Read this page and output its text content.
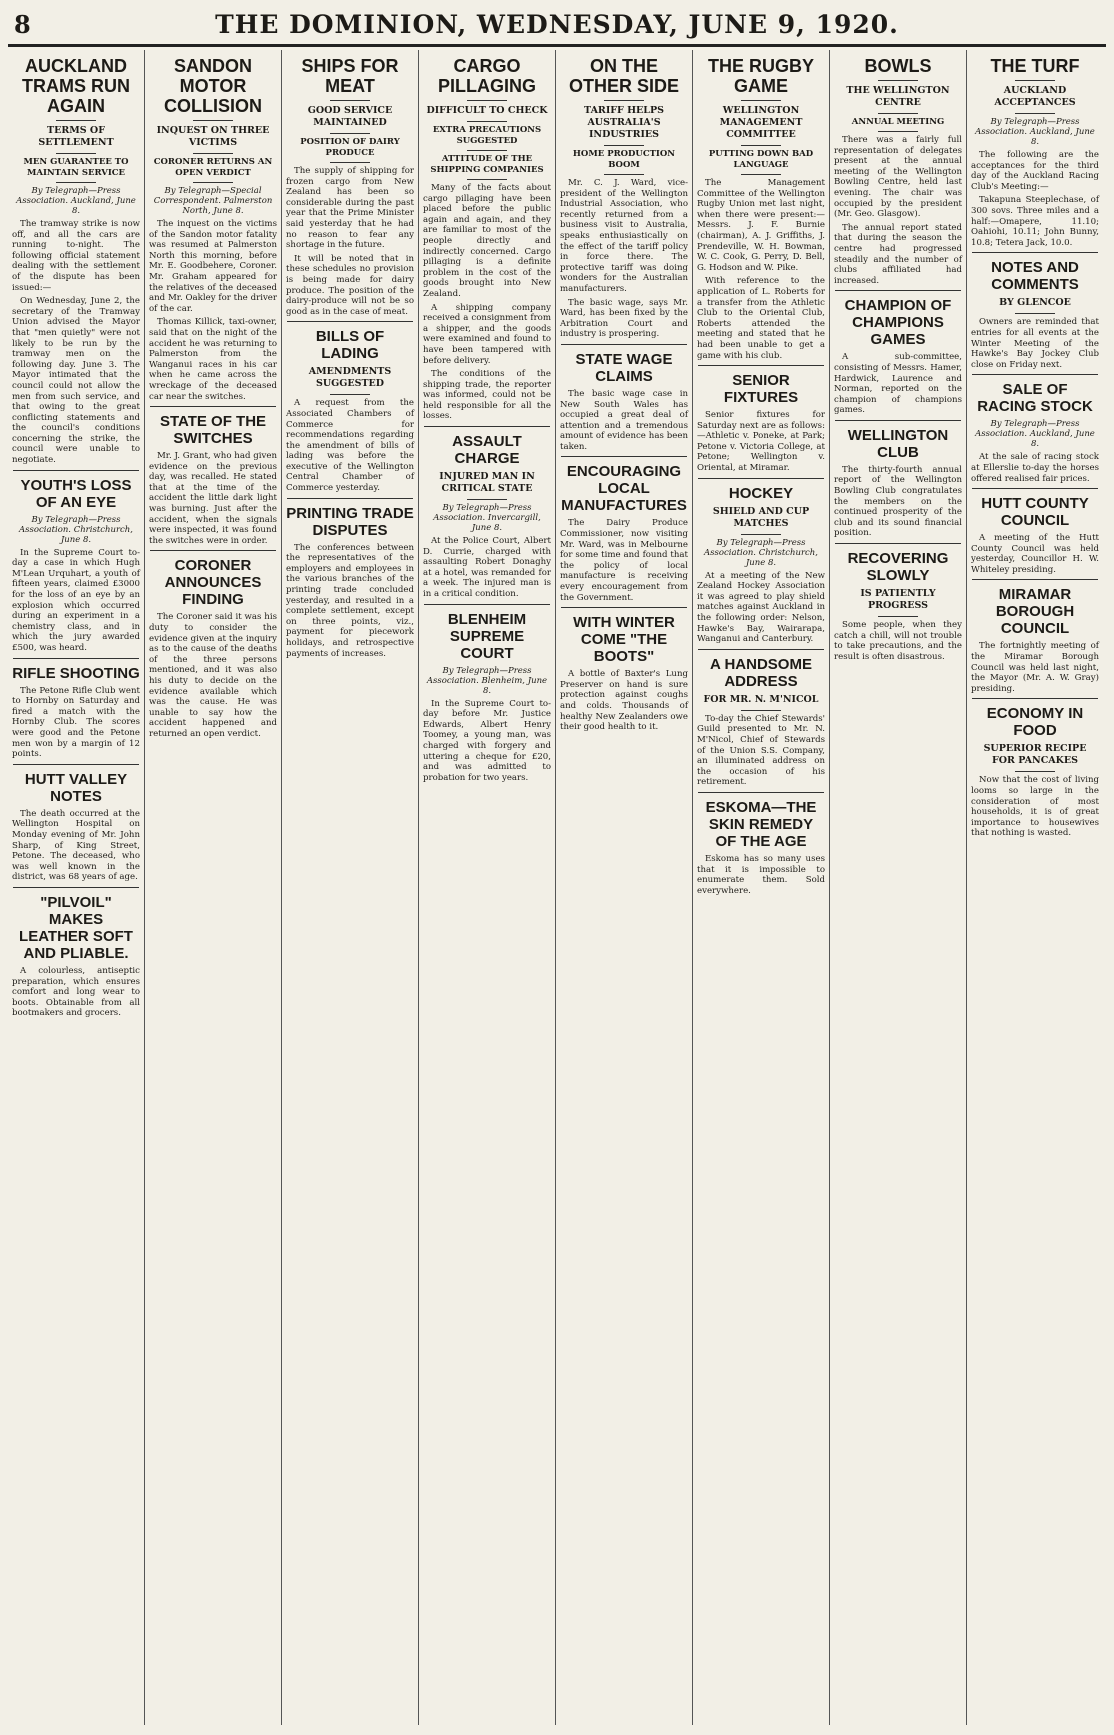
8	THE DOMINION, WEDNESDAY, JUNE 9, 1920.
AUCKLAND TRAMS RUN AGAIN
TERMS OF SETTLEMENT
MEN GUARANTEE TO MAINTAIN SERVICE
By Telegraph—Press Association. Auckland, June 8.

The tramway strike is now off, and all the cars are running to-night. The following official statement dealing with the settlement of the dispute has been issued:—

On Wednesday, June 2, the secretary of the Tramway Union advised the Mayor that "men quietly" were not likely to be run by the tramway men on the following day. June 3. The Mayor intimated that the council could not allow the men from such service, and that owing to the great conflicting statements and the council's conditions concerning the strike, the council were unable to negotiate.

YOUTH'S LOSS OF AN EYE
By Telegraph—Press Association. Christchurch, June 8.

In the Supreme Court to-day a case in which Hugh M'Lean Urquhart, a youth of fifteen years, claimed £3000 for the loss of an eye by an explosion which occurred during an experiment in a chemistry class, and in which the jury awarded £500, was heard.

RIFLE SHOOTING

The Petone Rifle Club went to Hornby on Saturday and fired a match with the Hornby Club. The scores were good and the Petone men won by a margin of 12 points.

HUTT VALLEY NOTES

The death occurred at the Wellington Hospital on Monday evening of Mr. John Sharp, of King Street, Petone. The deceased, who was well known in the district, was 68 years of age.

"PILVOIL" MAKES LEATHER SOFT AND PLIABLE.

A colourless, antiseptic preparation, which ensures comfort and long wear to boots. Obtainable from all bootmakers and grocers.

SANDON MOTOR COLLISION
INQUEST ON THREE VICTIMS
CORONER RETURNS AN OPEN VERDICT
By Telegraph—Special Correspondent. Palmerston North, June 8.

The inquest on the victims of the Sandon motor fatality was resumed at Palmerston North this morning, before Mr. E. Goodbehere, Coroner. Mr. Graham appeared for the relatives of the deceased and Mr. Oakley for the driver of the car.

Thomas Killick, taxi-owner, said that on the night of the accident he was returning to Palmerston from the Wanganui races in his car when he came across the wreckage of the deceased car near the switches.

STATE OF THE SWITCHES

Mr. J. Grant, who had given evidence on the previous day, was recalled. He stated that at the time of the accident the little dark light was burning. Just after the accident, when the signals were inspected, it was found the switches were in order.

CORONER ANNOUNCES FINDING

The Coroner said it was his duty to consider the evidence given at the inquiry as to the cause of the deaths of the three persons mentioned, and it was also his duty to decide on the evidence available which was the cause. He was unable to say how the accident happened and returned an open verdict.

SHIPS FOR MEAT
GOOD SERVICE MAINTAINED
POSITION OF DAIRY PRODUCE

The supply of shipping for frozen cargo from New Zealand has been so considerable during the past year that the Prime Minister said yesterday that he had no reason to fear any shortage in the future.

It will be noted that in these schedules no provision is being made for dairy produce. The position of the dairy-produce will not be so good as in the case of meat.

BILLS OF LADING
AMENDMENTS SUGGESTED

A request from the Associated Chambers of Commerce for recommendations regarding the amendment of bills of lading was before the executive of the Wellington Central Chamber of Commerce yesterday.

PRINTING TRADE DISPUTES

The conferences between the representatives of the employers and employees in the various branches of the printing trade concluded yesterday, and resulted in a complete settlement, except on three points, viz., payment for piecework holidays, and retrospective payments of increases.

CARGO PILLAGING
DIFFICULT TO CHECK
EXTRA PRECAUTIONS SUGGESTED
ATTITUDE OF THE SHIPPING COMPANIES

Many of the facts about cargo pillaging have been placed before the public again and again, and they are familiar to most of the people directly and indirectly concerned. Cargo pillaging is a definite problem in the cost of the goods brought into New Zealand.

A shipping company received a consignment from a shipper, and the goods were examined and found to have been tampered with before delivery.

The conditions of the shipping trade, the reporter was informed, could not be held responsible for all the losses.

ASSAULT CHARGE
INJURED MAN IN CRITICAL STATE
By Telegraph—Press Association. Invercargill, June 8.

At the Police Court, Albert D. Currie, charged with assaulting Robert Donaghy at a hotel, was remanded for a week. The injured man is in a critical condition.

BLENHEIM SUPREME COURT
By Telegraph—Press Association. Blenheim, June 8.

In the Supreme Court to-day before Mr. Justice Edwards, Albert Henry Toomey, a young man, was charged with forgery and uttering a cheque for £20, and was admitted to probation for two years.

ON THE OTHER SIDE
TARIFF HELPS AUSTRALIA'S INDUSTRIES
HOME PRODUCTION BOOM

Mr. C. J. Ward, vice-president of the Wellington Industrial Association, who recently returned from a business visit to Australia, speaks enthusiastically on the effect of the tariff policy in force there. The protective tariff was doing wonders for the Australian manufacturers.

The basic wage, says Mr. Ward, has been fixed by the Arbitration Court and industry is prospering.

STATE WAGE CLAIMS

The basic wage case in New South Wales has occupied a great deal of attention and a tremendous amount of evidence has been taken.

ENCOURAGING LOCAL MANUFACTURES

The Dairy Produce Commissioner, now visiting Mr. Ward, was in Melbourne for some time and found that the policy of local manufacture is receiving every encouragement from the Government.

WITH WINTER COME "THE BOOTS"

A bottle of Baxter's Lung Preserver on hand is sure protection against coughs and colds. Thousands of healthy New Zealanders owe their good health to it.

THE RUGBY GAME
WELLINGTON MANAGEMENT COMMITTEE
PUTTING DOWN BAD LANGUAGE

The Management Committee of the Wellington Rugby Union met last night, when there were present:—Messrs. J. F. Burnie (chairman), A. J. Griffiths, J. Prendeville, W. H. Bowman, W. C. Cook, G. Perry, D. Bell, G. Hodson and W. Pike.

With reference to the application of L. Roberts for a transfer from the Athletic Club to the Oriental Club, Roberts attended the meeting and stated that he had been unable to get a game with his club.

SENIOR FIXTURES

Senior fixtures for Saturday next are as follows:—Athletic v. Poneke, at Park; Petone v. Victoria College, at Petone; Wellington v. Oriental, at Miramar.

HOCKEY
SHIELD AND CUP MATCHES
By Telegraph—Press Association. Christchurch, June 8.

At a meeting of the New Zealand Hockey Association it was agreed to play shield matches against Auckland in the following order: Nelson, Hawke's Bay, Wairarapa, Wanganui and Canterbury.

A HANDSOME ADDRESS
FOR MR. N. M'NICOL

To-day the Chief Stewards' Guild presented to Mr. N. M'Nicol, Chief of Stewards of the Union S.S. Company, an illuminated address on the occasion of his retirement.

ESKOMA—THE SKIN REMEDY OF THE AGE

Eskoma has so many uses that it is impossible to enumerate them. Sold everywhere.

BOWLS
THE WELLINGTON CENTRE
ANNUAL MEETING

There was a fairly full representation of delegates present at the annual meeting of the Wellington Bowling Centre, held last evening. The chair was occupied by the president (Mr. Geo. Glasgow).

The annual report stated that during the season the centre had progressed steadily and the number of clubs affiliated had increased.

CHAMPION OF CHAMPIONS GAMES

A sub-committee, consisting of Messrs. Hamer, Hardwick, Laurence and Norman, reported on the champion of champions games.

WELLINGTON CLUB

The thirty-fourth annual report of the Wellington Bowling Club congratulates the members on the continued prosperity of the club and its sound financial position.

RECOVERING SLOWLY
IS PATIENTLY PROGRESS

Some people, when they catch a chill, will not trouble to take precautions, and the result is often disastrous.

THE TURF
AUCKLAND ACCEPTANCES
By Telegraph—Press Association. Auckland, June 8.

The following are the acceptances for the third day of the Auckland Racing Club's Meeting:—

Takapuna Steeplechase, of 300 sovs. Three miles and a half:—Omapere, 11.10; Oahiohi, 10.11; John Bunny, 10.8; Tetera Jack, 10.0.

NOTES AND COMMENTS
BY GLENCOE

Owners are reminded that entries for all events at the Winter Meeting of the Hawke's Bay Jockey Club close on Friday next.

SALE OF RACING STOCK
By Telegraph—Press Association. Auckland, June 8.

At the sale of racing stock at Ellerslie to-day the horses offered realised fair prices.

HUTT COUNTY COUNCIL

A meeting of the Hutt County Council was held yesterday, Councillor H. W. Whiteley presiding.

MIRAMAR BOROUGH COUNCIL

The fortnightly meeting of the Miramar Borough Council was held last night, the Mayor (Mr. A. W. Gray) presiding.

ECONOMY IN FOOD
SUPERIOR RECIPE FOR PANCAKES

Now that the cost of living looms so large in the consideration of most households, it is of great importance to housewives that nothing is wasted.
